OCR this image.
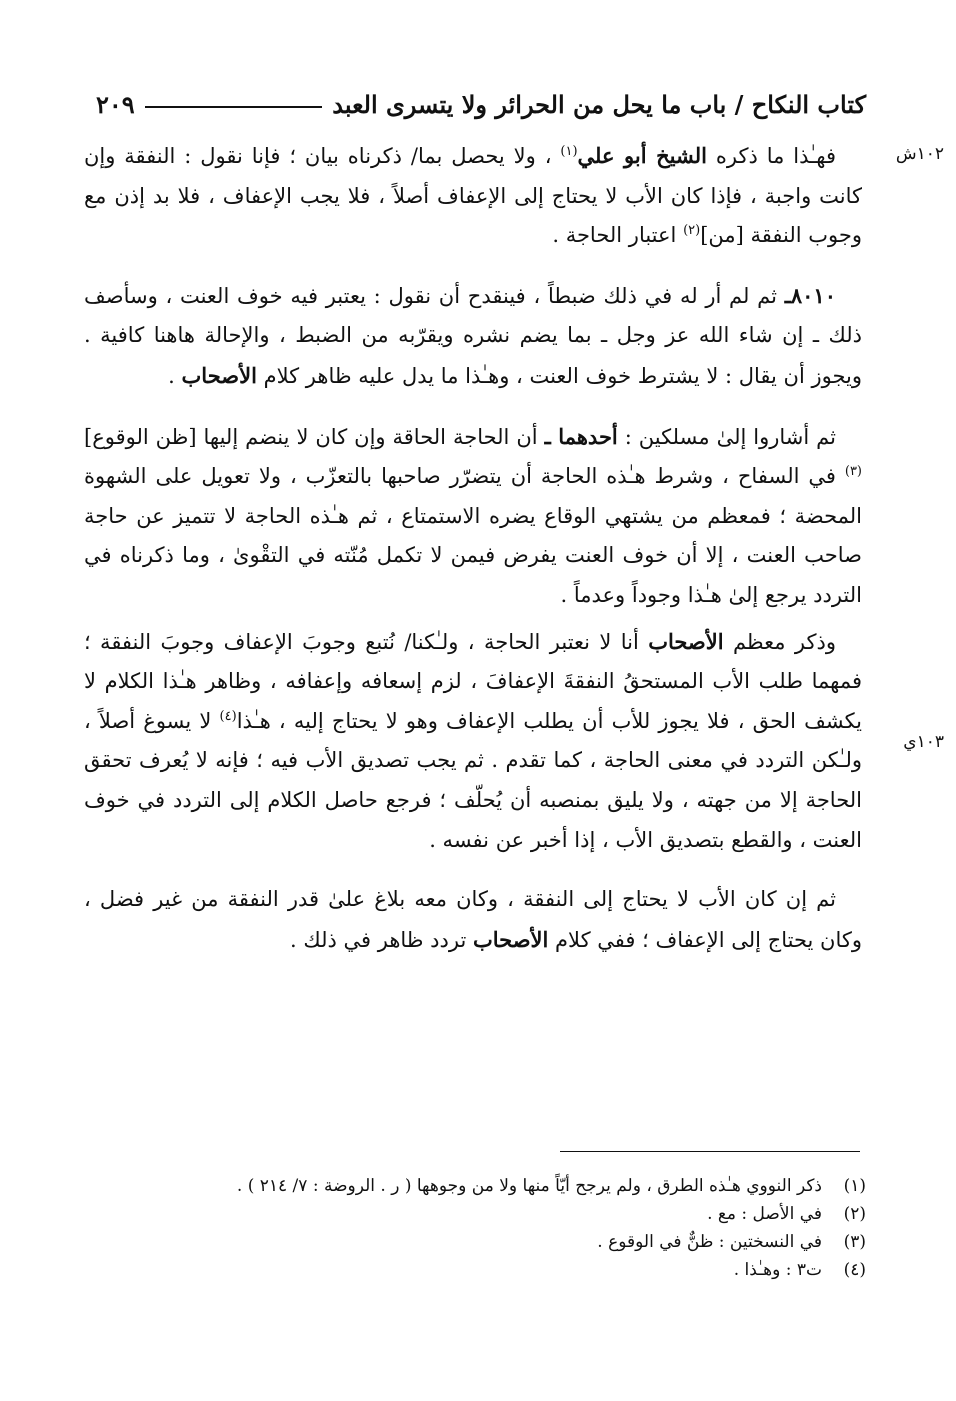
كتاب النكاح / باب ما يحل من الحرائر ولا يتسرى العبد
٢٠٩
١٠٢ش
١٠٣ي

فهـٰذا ما ذكره الشيخ أبو علي$^{(١)}$ ، ولا يحصل بما/ ذكرناه بيان ؛ فإنا نقول : النفقة وإن كانت واجبة ، فإذا كان الأب لا يحتاج إلى الإعفاف أصلاً ، فلا يجب الإعفاف ، فلا بد إذن مع وجوب النفقة [من]$^{(٢)}$ اعتبار الحاجة .

٨٠١٠ـ ثم لم أر له في ذلك ضبطاً ، فينقدح أن نقول : يعتبر فيه خوف العنت ، وسأصف ذلك ـ إن شاء الله عز وجل ـ بما يضم نشره ويقرّبه من الضبط ، والإحالة هاهنا كافية . ويجوز أن يقال : لا يشترط خوف العنت ، وهـٰذا ما يدل عليه ظاهر كلام الأصحاب .

ثم أشاروا إلىٰ مسلكين : أحدهما ـ أن الحاجة الحاقة وإن كان لا ينضم إليها [ظن الوقوع]$^{(٣)}$ في السفاح ، وشرط هـٰذه الحاجة أن يتضرّر صاحبها بالتعزّب ، ولا تعويل على الشهوة المحضة ؛ فمعظم من يشتهي الوقاع يضره الاستمتاع ، ثم هـٰذه الحاجة لا تتميز عن حاجة صاحب العنت ، إلا أن خوف العنت يفرض فيمن لا تكمل مُنّته في التقْوىٰ ، وما ذكرناه في التردد يرجع إلىٰ هـٰذا وجوداً وعدماً .

وذكر معظم الأصحاب أنا لا نعتبر الحاجة ، ولـٰكنا/ نُتبع وجوبَ الإعفاف وجوبَ النفقة ؛ فمهما طلب الأب المستحقُ النفقةَ الإعفافَ ، لزم إسعافه وإعفافه ، وظاهر هـٰذا الكلام لا يكشف الحق ، فلا يجوز للأب أن يطلب الإعفاف وهو لا يحتاج إليه ، هـٰذا$^{(٤)}$ لا يسوغ أصلاً ، ولـٰكن التردد في معنى الحاجة ، كما تقدم . ثم يجب تصديق الأب فيه ؛ فإنه لا يُعرف تحقق الحاجة إلا من جهته ، ولا يليق بمنصبه أن يُحلّف ؛ فرجع حاصل الكلام إلى التردد في خوف العنت ، والقطع بتصديق الأب ، إذا أخبر عن نفسه .

ثم إن كان الأب لا يحتاج إلى النفقة ، وكان معه بلاغ علىٰ قدر النفقة من غير فضل ، وكان يحتاج إلى الإعفاف ؛ ففي كلام الأصحاب تردد ظاهر في ذلك .

(١)
ذكر النووي هـٰذه الطرق ، ولم يرجح أيّاً منها ولا من وجوهها ( ر . الروضة : ٧/ ٢١٤ ) .
(٢)
في الأصل : مع .
(٣)
في النسختين : ظنٌّ في الوقوع .
(٤)
ت٣ : وهـٰذا .
